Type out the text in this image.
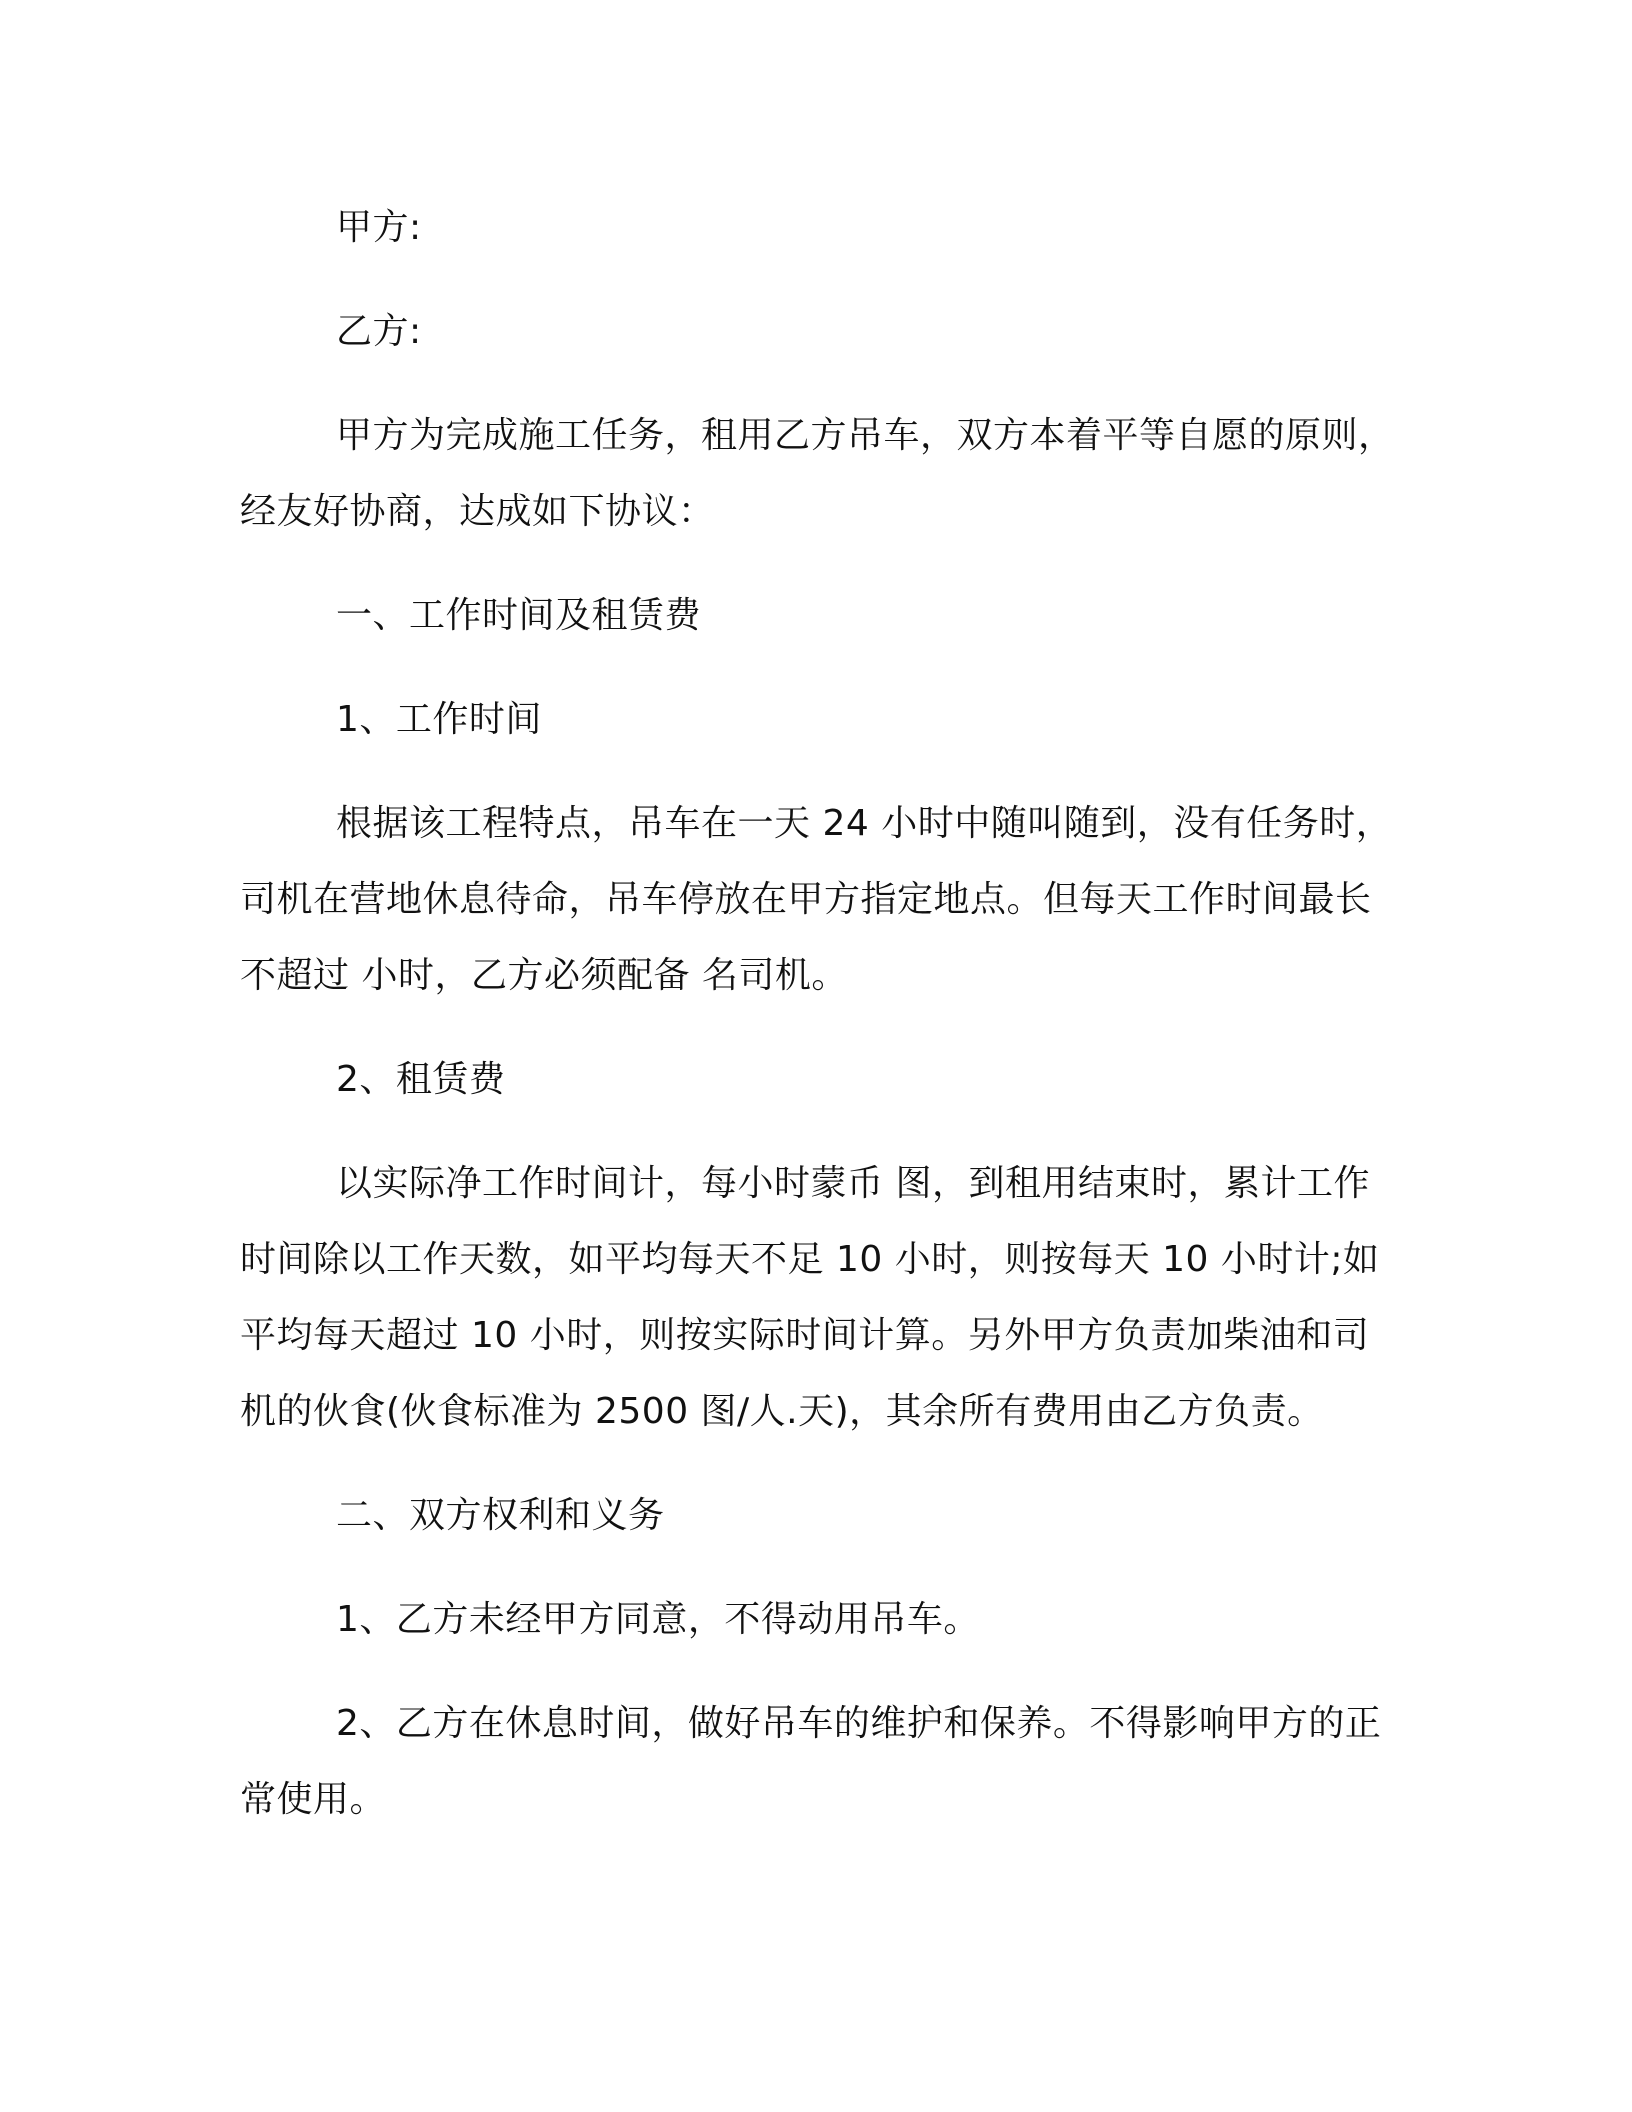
甲方:

乙方:

甲方为完成施工任务，租用乙方吊车，双方本着平等自愿的原则，经友好协商，达成如下协议：

一、工作时间及租赁费

1、工作时间

根据该工程特点，吊车在一天 24 小时中随叫随到，没有任务时，司机在营地休息待命，吊车停放在甲方指定地点。但每天工作时间最长不超过 小时，乙方必须配备 名司机。

2、租赁费

以实际净工作时间计，每小时蒙币 图，到租用结束时，累计工作时间除以工作天数，如平均每天不足 10 小时，则按每天 10 小时计;如平均每天超过 10 小时，则按实际时间计算。另外甲方负责加柴油和司机的伙食(伙食标准为 2500 图/人.天)，其余所有费用由乙方负责。

二、双方权利和义务

1、乙方未经甲方同意，不得动用吊车。

2、乙方在休息时间，做好吊车的维护和保养。不得影响甲方的正常使用。
